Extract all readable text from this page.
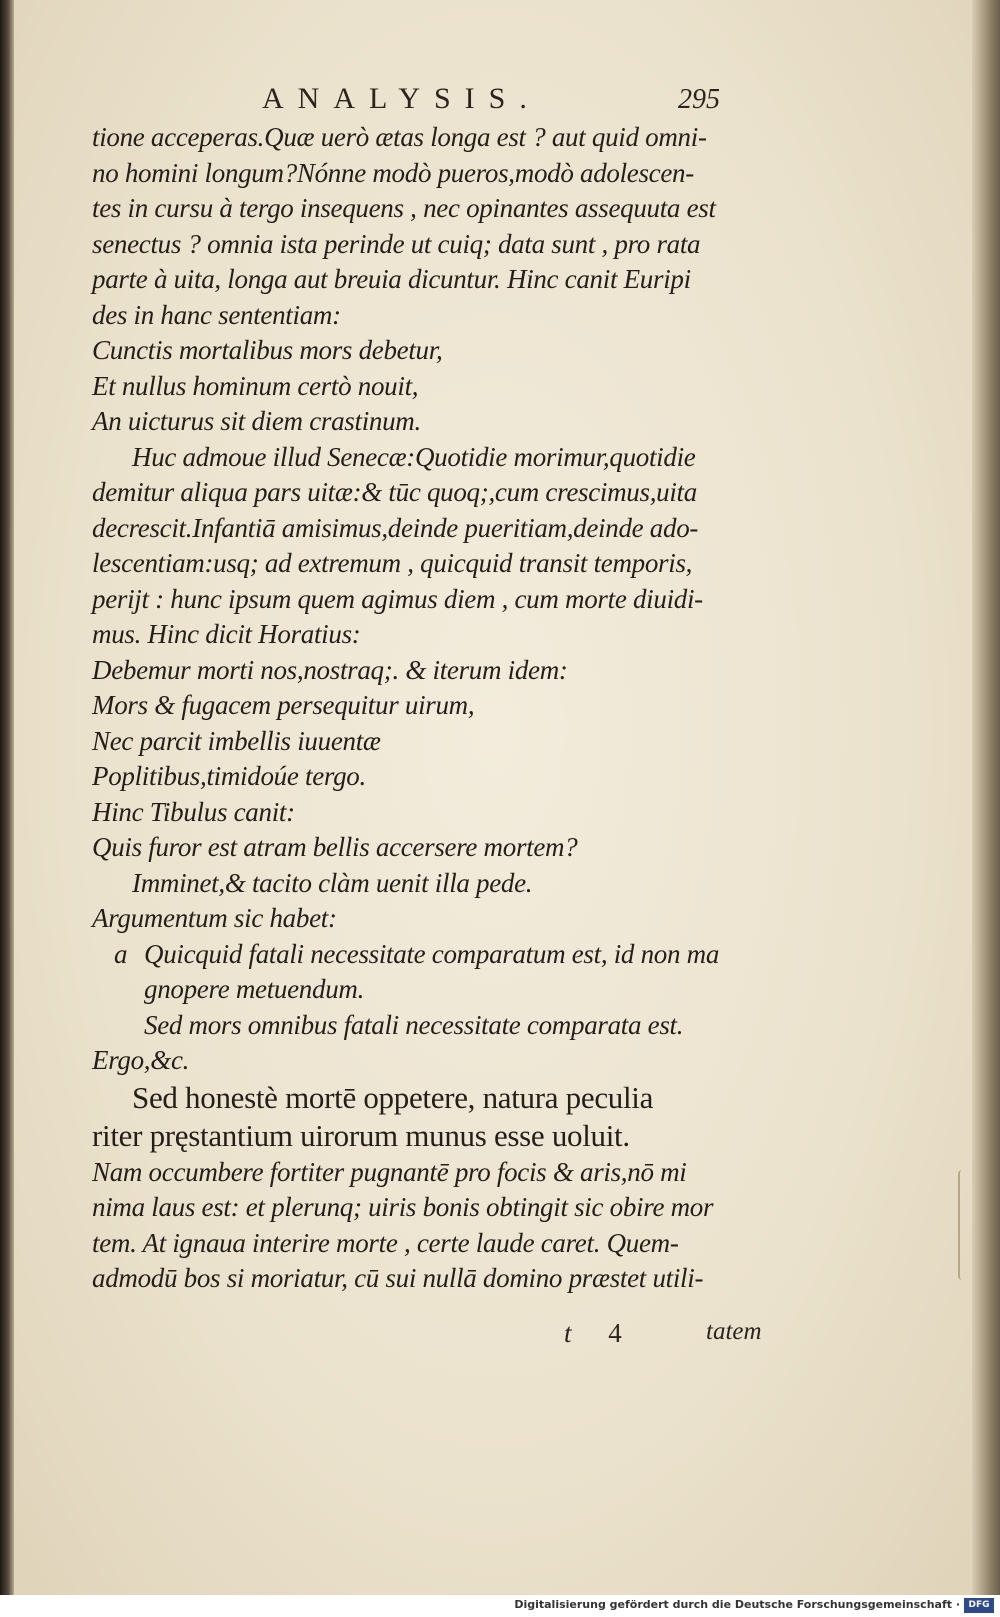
ANALYSIS.	295
tione acceperas.Quæ uerò ætas longa est ? aut quid omni-
no homini longum?Nónne modò pueros,modò adolescen-
tes in cursu à tergo insequens , nec opinantes assequuta est
senectus ? omnia ista perinde ut cuiq; data sunt , pro rata
parte à uita, longa aut breuia dicuntur. Hinc canit Euripi
des in hanc sententiam:
Cunctis mortalibus mors debetur,
Et nullus hominum certò nouit,
An uicturus sit diem crastinum.
Huc admoue illud Senecæ:Quotidie morimur,quotidie
demitur aliqua pars uitæ:& tūc quoq;,cum crescimus,uita
decrescit.Infantiā amisimus,deinde pueritiam,deinde ado-
lescentiam:usq; ad extremum , quicquid transit temporis,
perijt : hunc ipsum quem agimus diem , cum morte diuidi-
mus. Hinc dicit Horatius:
Debemur morti nos,nostraq;. & iterum idem:
Mors & fugacem persequitur uirum,
Nec parcit imbellis iuuentæ
Poplitibus,timidoúe tergo.
Hinc Tibulus canit:
Quis furor est atram bellis accersere mortem?
Imminet,& tacito clàm uenit illa pede.
Argumentum sic habet:
a Quicquid fatali necessitate comparatum est, id non ma
gnopere metuendum.
Sed mors omnibus fatali necessitate comparata est.
Ergo,&c.
Sed honestè mortē oppetere, natura peculia
riter pręstantium uirorum munus esse uoluit.
Nam occumbere fortiter pugnantē pro focis & aris,nō mi
nima laus est: et plerunq; uiris bonis obtingit sic obire mor
tem. At ignaua interire morte , certe laude caret. Quem-
admodū bos si moriatur, cū sui nullā domino præstet utili-
t 4	tatem
Digitalisierung gefördert durch die Deutsche Forschungsgemeinschaft · DFG
